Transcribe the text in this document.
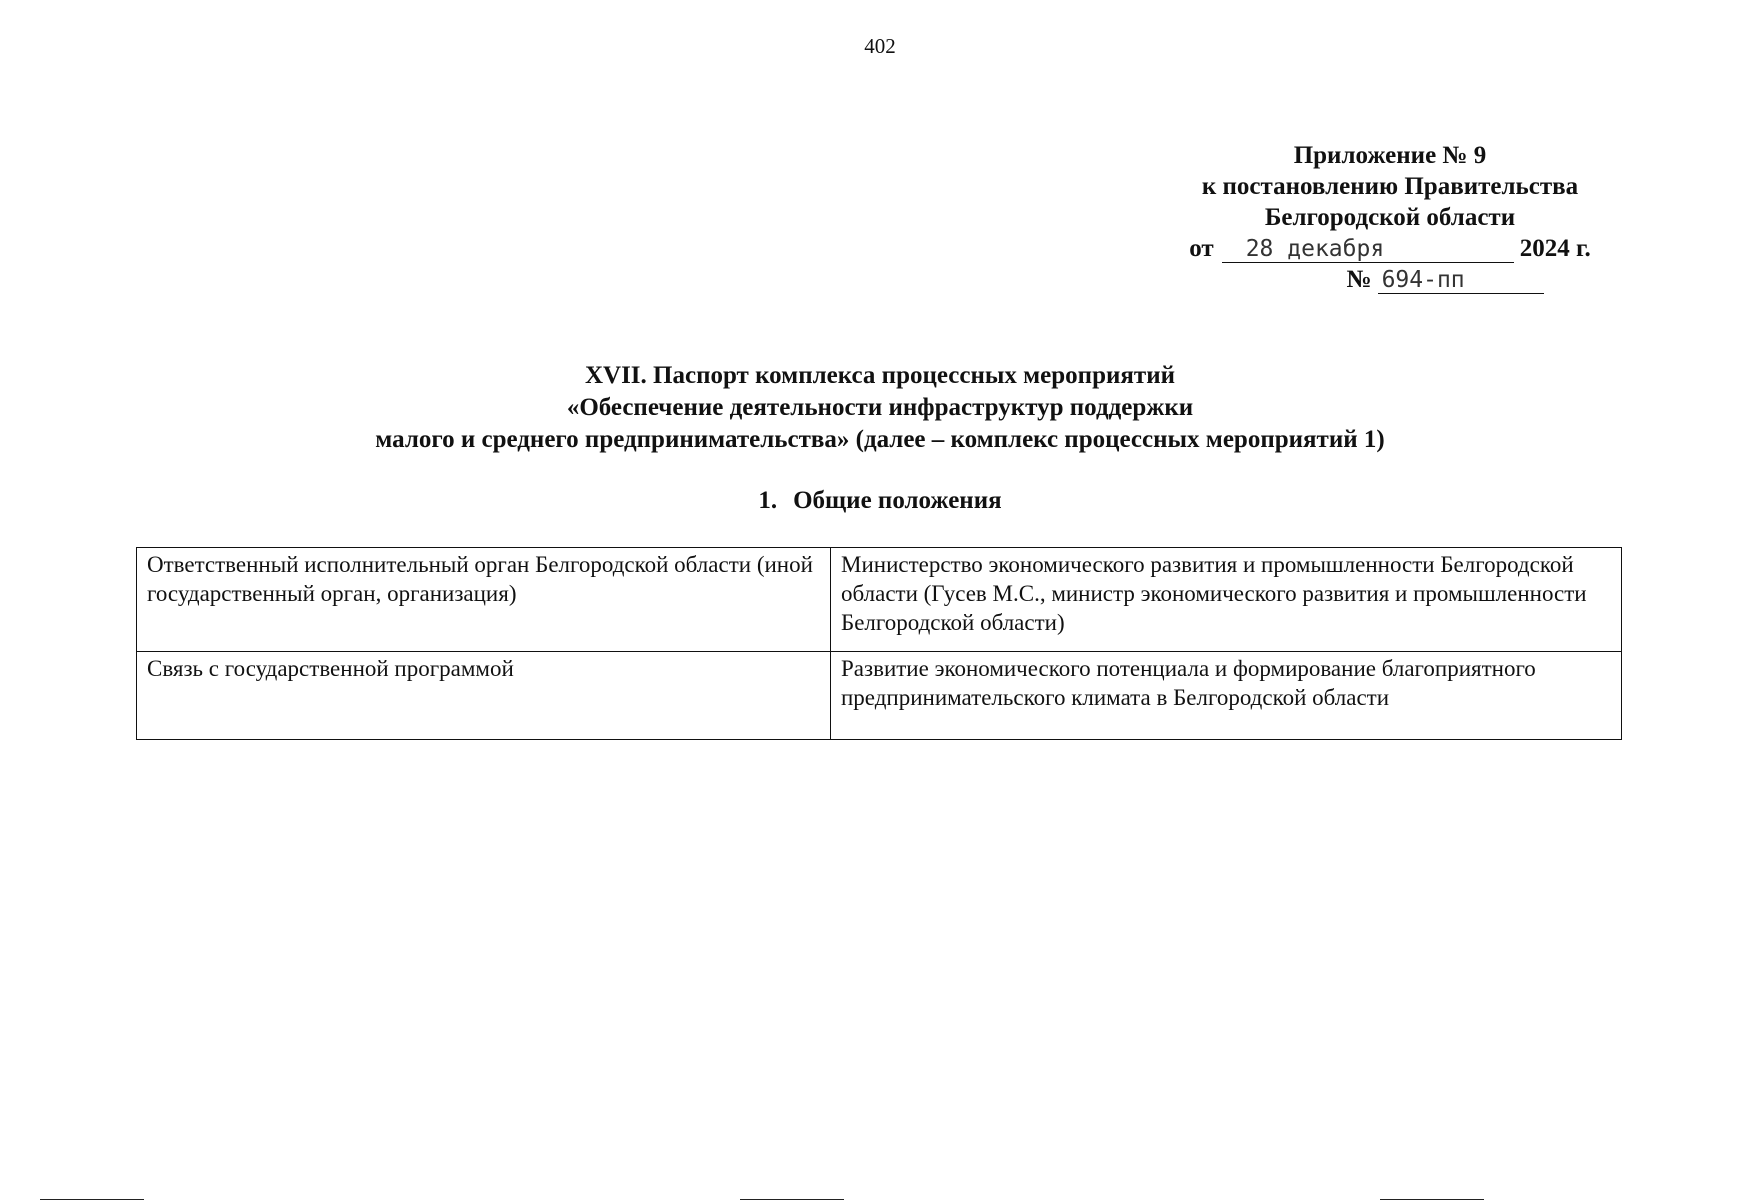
402
Приложение № 9
к постановлению Правительства
Белгородской области
от	28 декабря	2024 г.
№ 694-пп
XVII. Паспорт комплекса процессных мероприятий
«Обеспечение деятельности инфраструктур поддержки
малого и среднего предпринимательства» (далее – комплекс процессных мероприятий 1)
1. Общие положения
Ответственный исполнительный орган Белгородской области (иной государственный орган, организация)	Министерство экономического развития и промышленности Белгородской области (Гусев М.С., министр экономического развития и промышленности Белгородской области)
Связь с государственной программой	Развитие экономического потенциала и формирование благоприятного предпринимательского климата в Белгородской области
